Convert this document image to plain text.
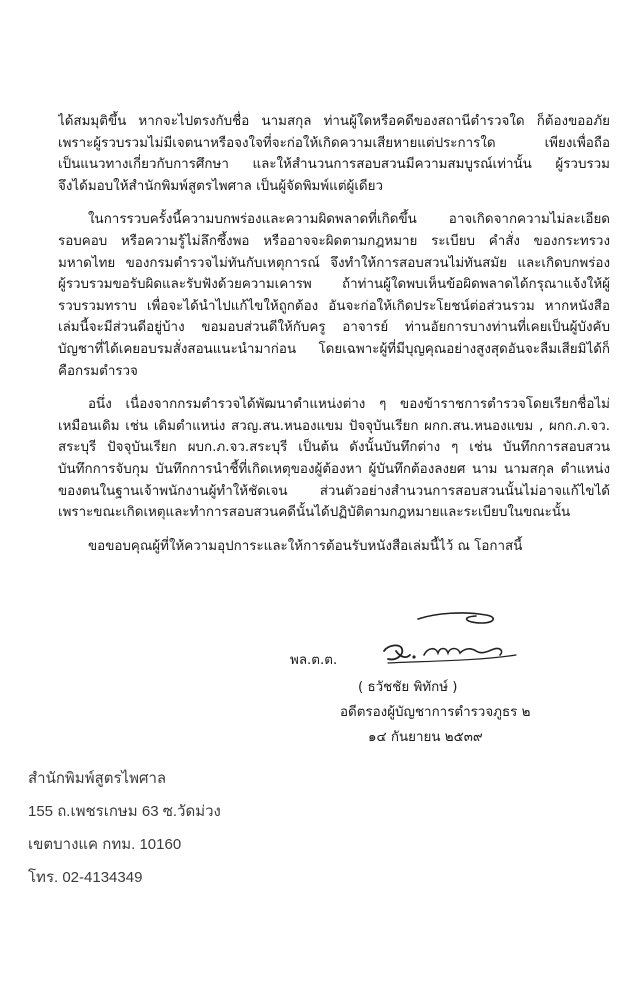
ได้สมมุติขึ้น หากจะไปตรงกับชื่อ นามสกุล ท่านผู้ใดหรือคดีของสถานีตำรวจใด ก็ต้องขออภัย
เพราะผู้รวบรวมไม่มีเจตนาหรือจงใจที่จะก่อให้เกิดความเสียหายแต่ประการใด เพียงเพื่อถือ
เป็นแนวทางเกี่ยวกับการศึกษา และให้สำนวนการสอบสวนมีความสมบูรณ์เท่านั้น ผู้รวบรวม
จึงได้มอบให้สำนักพิมพ์สูตรไพศาล เป็นผู้จัดพิมพ์แต่ผู้เดียว
ในการรวบครั้งนี้ความบกพร่องและความผิดพลาดที่เกิดขึ้น อาจเกิดจากความไม่ละเอียด
รอบคอบ หรือความรู้ไม่ลึกซึ้งพอ หรืออาจจะผิดตามกฎหมาย ระเบียบ คำสั่ง ของกระทรวง
มหาดไทย ของกรมตำรวจไม่ทันกับเหตุการณ์ จึงทำให้การสอบสวนไม่ทันสมัย และเกิดบกพร่อง
ผู้รวบรวมขอรับผิดและรับฟังด้วยความเคารพ ถ้าท่านผู้ใดพบเห็นข้อผิดพลาดได้กรุณาแจ้งให้ผู้
รวบรวมทราบ เพื่อจะได้นำไปแก้ไขให้ถูกต้อง อันจะก่อให้เกิดประโยชน์ต่อส่วนรวม หากหนังสือ
เล่มนี้จะมีส่วนดีอยู่บ้าง ขอมอบส่วนดีให้กับครู อาจารย์ ท่านอัยการบางท่านที่เคยเป็นผู้บังคับ
บัญชาที่ได้เคยอบรมสั่งสอนแนะนำมาก่อน โดยเฉพาะผู้ที่มีบุญคุณอย่างสูงสุดอันจะลืมเสียมิได้ก็
คือกรมตำรวจ
อนึ่ง เนื่องจากกรมตำรวจได้พัฒนาตำแหน่งต่าง ๆ ของข้าราชการตำรวจโดยเรียกชื่อไม่
เหมือนเดิม เช่น เดิมตำแหน่ง สวญ.สน.หนองแขม ปัจจุบันเรียก ผกก.สน.หนองแขม , ผกก.ภ.จว.
สระบุรี ปัจจุบันเรียก ผบก.ภ.จว.สระบุรี เป็นต้น ดังนั้นบันทึกต่าง ๆ เช่น บันทึกการสอบสวน
บันทึกการจับกุม บันทึกการนำชี้ที่เกิดเหตุของผู้ต้องหา ผู้บันทึกต้องลงยศ นาม นามสกุล ตำแหน่ง
ของตนในฐานเจ้าพนักงานผู้ทำให้ชัดเจน ส่วนตัวอย่างสำนวนการสอบสวนนั้นไม่อาจแก้ไขได้
เพราะขณะเกิดเหตุและทำการสอบสวนคดีนั้นได้ปฏิบัติตามกฎหมายและระเบียบในขณะนั้น
ขอขอบคุณผู้ที่ให้ความอุปการะและให้การต้อนรับหนังสือเล่มนี้ไว้ ณ โอกาสนี้
พล.ต.ต.
( ธวัชชัย พิทักษ์ )
อดีตรองผู้บัญชาการตำรวจภูธร ๒
๑๔ กันยายน ๒๕๓๙
สำนักพิมพ์สูตรไพศาล
155 ถ.เพชรเกษม 63 ซ.วัดม่วง
เขตบางแค กทม. 10160
โทร. 02-4134349
